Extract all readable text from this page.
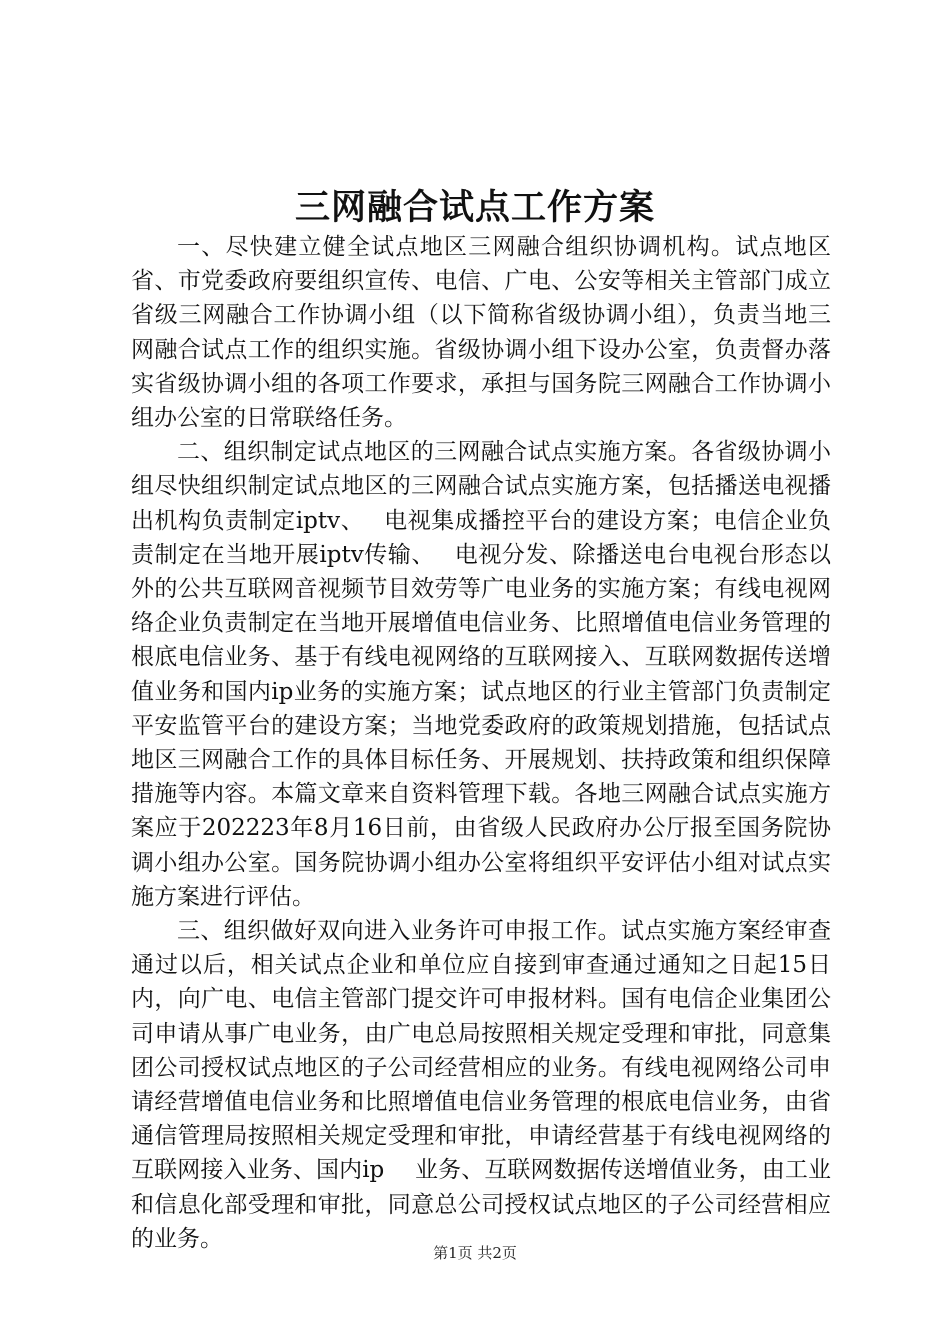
三网融合试点工作方案

一、尽快建立健全试点地区三网融合组织协调机构。试点地区省、市党委政府要组织宣传、电信、广电、公安等相关主管部门成立省级三网融合工作协调小组（以下简称省级协调小组），负责当地三网融合试点工作的组织实施。省级协调小组下设办公室，负责督办落实省级协调小组的各项工作要求，承担与国务院三网融合工作协调小组办公室的日常联络任务。

二、组织制定试点地区的三网融合试点实施方案。各省级协调小组尽快组织制定试点地区的三网融合试点实施方案，包括播送电视播出机构负责制定iptv、　 电视集成播控平台的建设方案；电信企业负责制定在当地开展iptv传输、　 电视分发、除播送电台电视台形态以外的公共互联网音视频节目效劳等广电业务的实施方案；有线电视网络企业负责制定在当地开展增值电信业务、比照增值电信业务管理的根底电信业务、基于有线电视网络的互联网接入、互联网数据传送增值业务和国内ip业务的实施方案；试点地区的行业主管部门负责制定平安监管平台的建设方案；当地党委政府的政策规划措施，包括试点地区三网融合工作的具体目标任务、开展规划、扶持政策和组织保障措施等内容。本篇文章来自资料管理下载。各地三网融合试点实施方案应于202223年8月16日前，由省级人民政府办公厅报至国务院协调小组办公室。国务院协调小组办公室将组织平安评估小组对试点实施方案进行评估。

三、组织做好双向进入业务许可申报工作。试点实施方案经审查通过以后，相关试点企业和单位应自接到审查通过通知之日起15日内，向广电、电信主管部门提交许可申报材料。国有电信企业集团公司申请从事广电业务，由广电总局按照相关规定受理和审批，同意集团公司授权试点地区的子公司经营相应的业务。有线电视网络公司申请经营增值电信业务和比照增值电信业务管理的根底电信业务，由省通信管理局按照相关规定受理和审批，申请经营基于有线电视网络的互联网接入业务、国内ip　 业务、互联网数据传送增值业务，由工业和信息化部受理和审批，同意总公司授权试点地区的子公司经营相应的业务。

第1页 共2页
